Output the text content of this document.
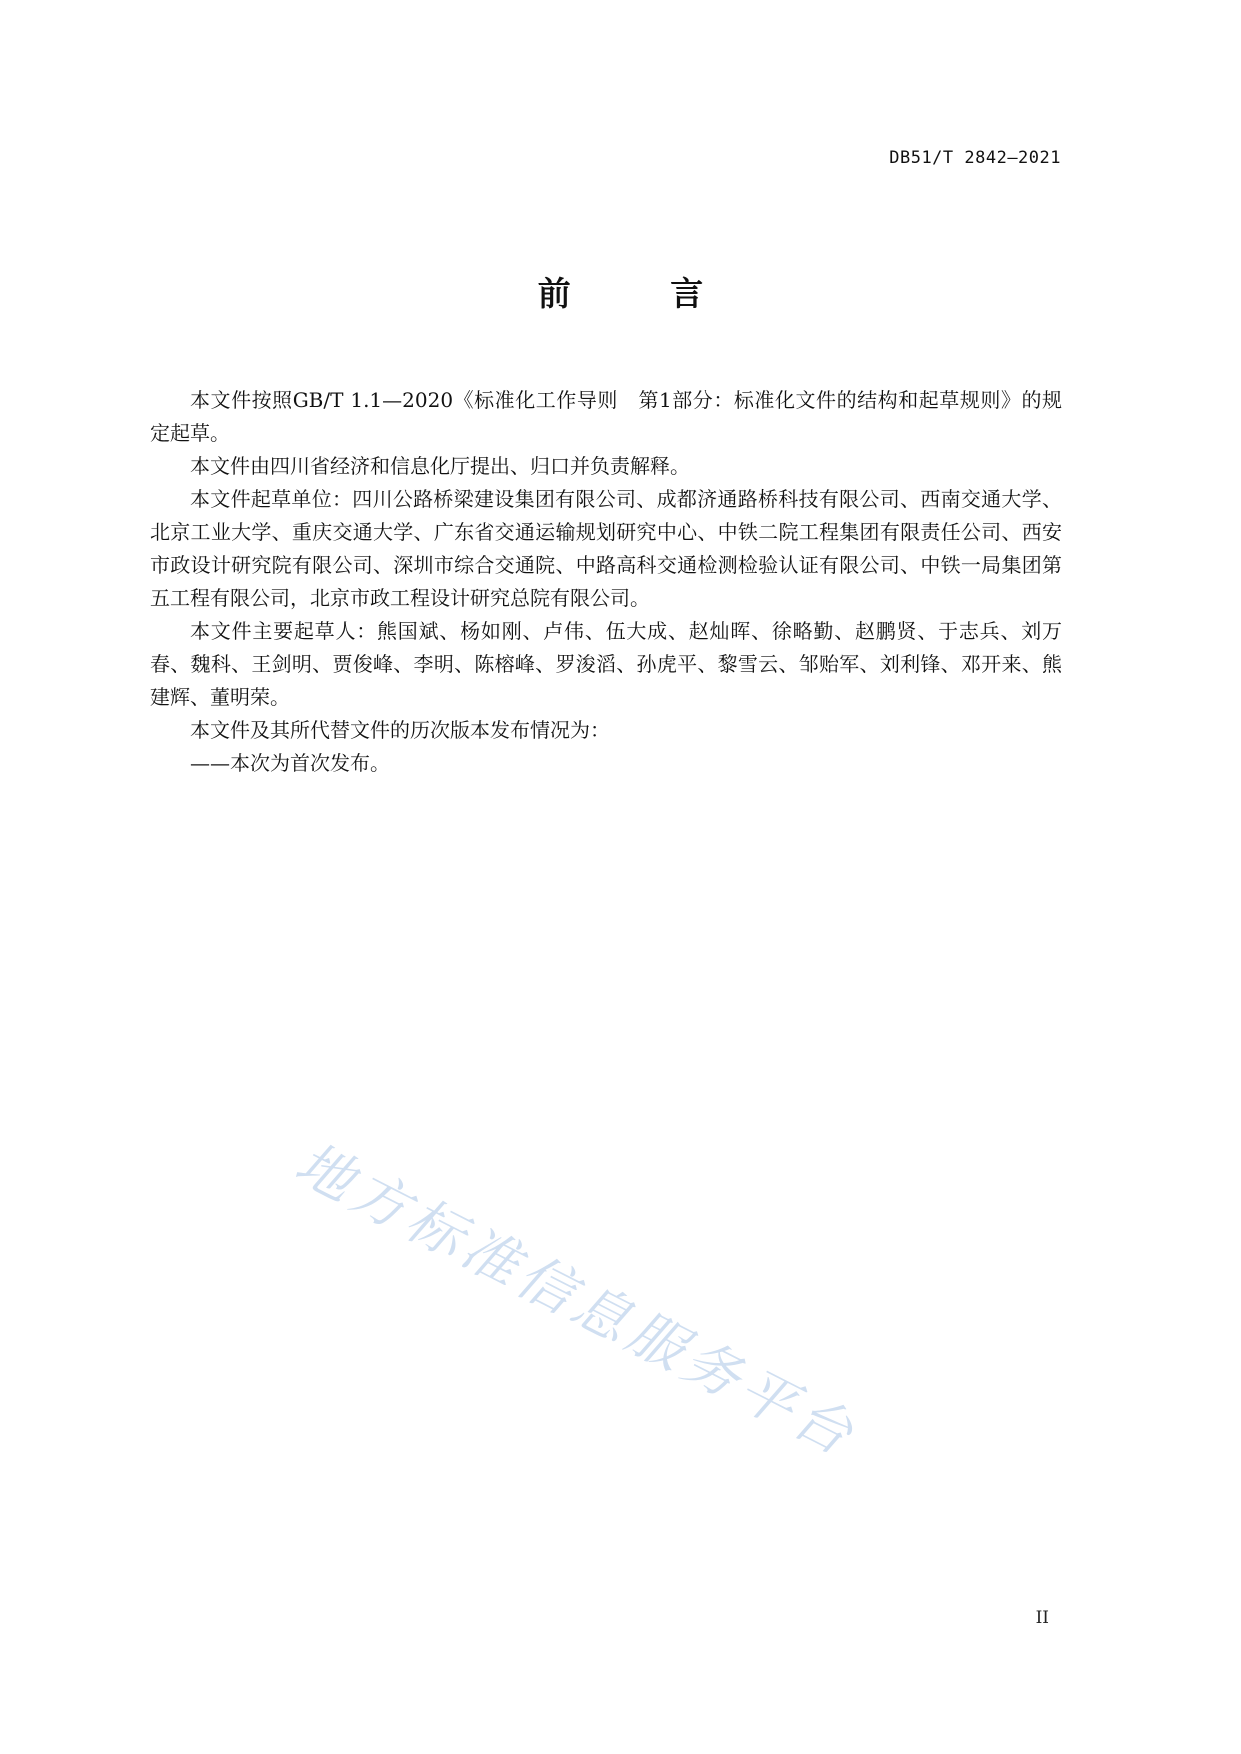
DB51/T 2842—2021
前 言

本文件按照GB/T 1.1—2020《标准化工作导则　第1部分：标准化文件的结构和起草规则》的规定起草。

本文件由四川省经济和信息化厅提出、归口并负责解释。

本文件起草单位：四川公路桥梁建设集团有限公司、成都济通路桥科技有限公司、西南交通大学、北京工业大学、重庆交通大学、广东省交通运输规划研究中心、中铁二院工程集团有限责任公司、西安市政设计研究院有限公司、深圳市综合交通院、中路高科交通检测检验认证有限公司、中铁一局集团第五工程有限公司，北京市政工程设计研究总院有限公司。

本文件主要起草人：熊国斌、杨如刚、卢伟、伍大成、赵灿晖、徐略勤、赵鹏贤、于志兵、刘万春、魏科、王剑明、贾俊峰、李明、陈榕峰、罗浚滔、孙虎平、黎雪云、邹贻军、刘利锋、邓开来、熊建辉、董明荣。

本文件及其所代替文件的历次版本发布情况为：

——本次为首次发布。

地方标准信息服务平台
II
